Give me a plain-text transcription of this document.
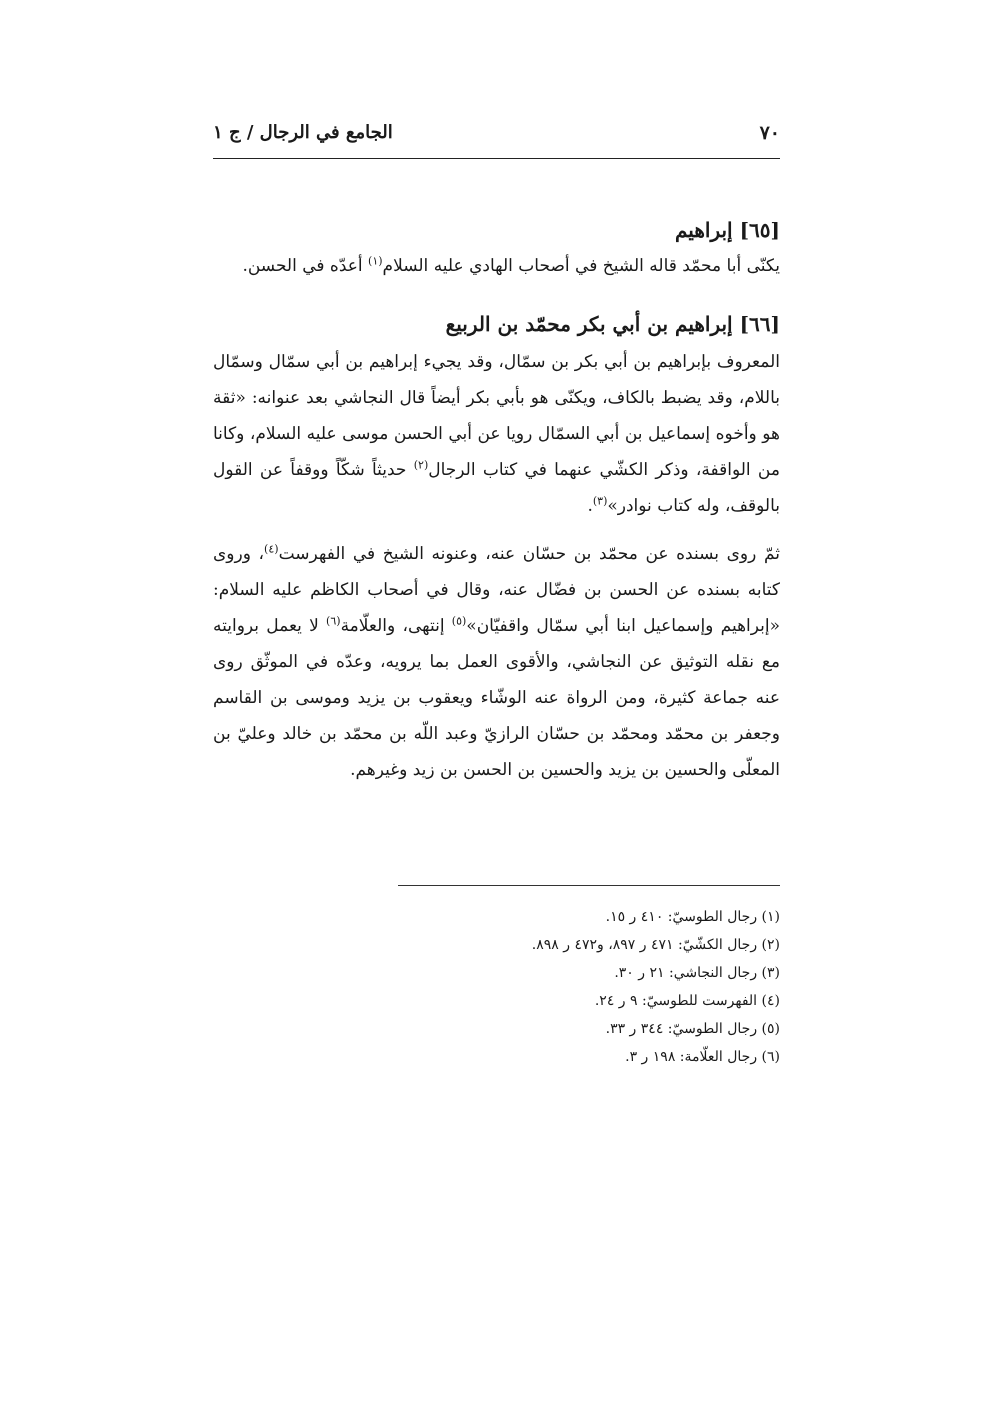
٧٠
الجامع في الرجال / ج ١
[٦٥] إبراهيم

يكنّى أبا محمّد قاله الشيخ في أصحاب الهادي عليه السلام$^{(١)}$ أعدّه في الحسن.

[٦٦] إبراهيم بن أبي بكر محمّد بن الربيع

المعروف بإبراهيم بن أبي بكر بن سمّال، وقد يجيء إبراهيم بن أبي سمّال وسمّال باللام، وقد يضبط بالكاف، ويكنّى هو بأبي بكر أيضاً قال النجاشي بعد عنوانه: «ثقة هو وأخوه إسماعيل بن أبي السمّال رويا عن أبي الحسن موسى عليه السلام، وكانا من الواقفة، وذكر الكشّي عنهما في كتاب الرجال$^{(٢)}$ حديثاً شكّاً ووقفاً عن القول بالوقف، وله كتاب نوادر»$^{(٣)}$.

ثمّ روى بسنده عن محمّد بن حسّان عنه، وعنونه الشيخ في الفهرست$^{(٤)}$، وروى كتابه بسنده عن الحسن بن فضّال عنه، وقال في أصحاب الكاظم عليه السلام: «إبراهيم وإسماعيل ابنا أبي سمّال واقفيّان»$^{(٥)}$ إنتهى، والعلّامة$^{(٦)}$ لا يعمل بروايته مع نقله التوثيق عن النجاشي، والأقوى العمل بما يرويه، وعدّه في الموثّق روى عنه جماعة كثيرة، ومن الرواة عنه الوشّاء ويعقوب بن يزيد وموسى بن القاسم وجعفر بن محمّد ومحمّد بن حسّان الرازيّ وعبد اللّه بن محمّد بن خالد وعليّ بن المعلّى والحسين بن يزيد والحسين بن الحسن بن زيد وغيرهم.

(١) رجال الطوسيّ: ٤١٠ ر ١٥.
(٢) رجال الكشّيّ: ٤٧١ ر ٨٩٧، و٤٧٢ ر ٨٩٨.
(٣) رجال النجاشي: ٢١ ر ٣٠.
(٤) الفهرست للطوسيّ: ٩ ر ٢٤.
(٥) رجال الطوسيّ: ٣٤٤ ر ٣٣.
(٦) رجال العلّامة: ١٩٨ ر ٣.
